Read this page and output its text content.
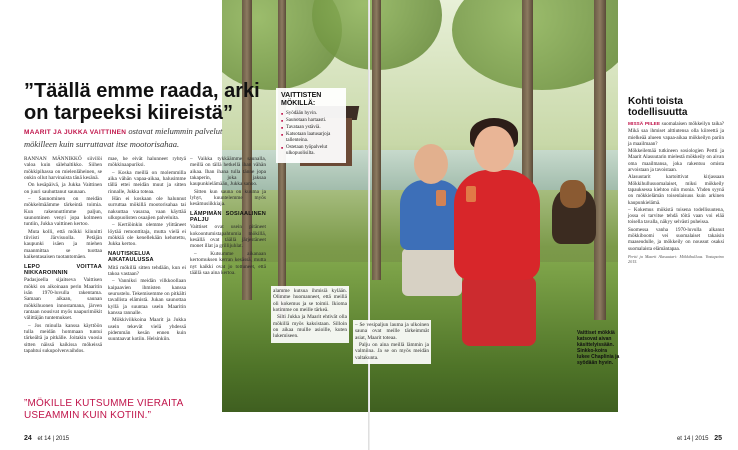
”Täällä emme raada, arki on tarpeeksi kiireistä”
MAARIT JA JUKKA VAITTINEN ostavat mielummin palvelut mökilleen kuin surruttavat itse mootorisahaa.

RANNAN MÄNNIKKÖ siivilöi valoa kuin sälehaltikko. Siihen mökkipihassa on mielenläheinen, se onkin ollut harvinaista tänä kesänä.

On kesäpäivä, ja Jukka Vaittinen on juuri sauhuttanut saunaan.

– Saunominen on meidän mökkelmäämme tärkeintä toimia. Kun rakennuttimme paljun, saunominen venyi jopa kolmeen tuntiin, Jukka vaittinen kertoo.

Muta kolli, että mökki kiinnitti tiiviisti Järvisuolla. Petäjän kaupunki isäen ja miehen maanmittaa se tuottaa kaikentasaisen tuotantomäen.

LEPO VOITTAA NIKKAROINNIN

Padasjoella sijaitseva Vaittisen mökki on aikoinaan perin Maaritin isän 1970-luvulla rakentama. Samaan aikaan, saunan mökkihuonen innostamana, järven rantaan nousivat myös naapurimökit välittäjän tuntemukset.

– Jos minulla kanssa käyttöön tulla meidän hommaan tuntui tärkeältä ja pitkälle. Joitakin vuosia sitten näissä kaikissa mökeissä tapahtui sukupolvenvaihdos.

mae, he eivät halunneet ryhtyä mökkinaapuriksi.

– Koska meillä on molemmilla aika vähän vapaa-aikaa, halusimme tällä ettei meidän muut ja sitten rinnalle, Jukka toteaa.

Hän ei koskaan ole halunnut surruttaa mökillä mootorisahaa tai naksuttaa vasaraa, vaan käyttää ulkopuolisten osaajien palveluita.

– Kertiöinkin olemme ylittäneet löytää remonttitaja, mutta vielä ei mökkiä ole kenellekään kehotettu, Jukka kertoo.

NAUTISKELUA AIKATAULUSSA

Mitä mökillä sitten tehdään, kun ei takoa vastaan?

– Vanniksi meidän vilkkoollaan kaipaavien ihmisten kanssa seurustelu. Tekemisemme on pitkälti tavallista elämistä. Jukan saunottaa kyllä ja suuntaa usein Maaritin kanssa rannalle.

Mökkiviikkoina Maarit ja Jukka usein tekevät vielä yhdessä pidemmän kesän ennen kuin suuntaavat kotiin. Helsinkiin.

– Vaikka tykkäämme saunalla, meillä on tällä hetkellä ihan vähän aikaa. Ihan ihana tulla tänne jopa takaperin, joka jaksaa kaupunkielämään, Jukka sanoo.

Sitten kun sauna on kuuma ja lyhyt, kuuntelemme myös kesämusiikkiaja.

LÄMPIMÄN SOSIAALINEN PALJU

Vaittiset ovat usein pitäneet kokoontumistapahtumia mökillä, kesällä ovat täällä järjestäneet monet illat ja grillijuhlat.

– Kutsumme aikanaan kertomuksen kerran kesässä, mutta nyt kaikki ovat jo tottuneet, että täällä saa aina kertoa.

alamme kutsua ihmisiä kylään. Olimme huomanneet, että meillä oli kokemus ja se toimii. Ikioma kotimme on meille tärkeä.

Silti Jukka ja Maarit ehtivät olla mökillä myös kaksistaan. Silloin on aikaa muille asioille, kuten lukemiseen.

– Se vesipaljun lauma ja ulkoinen sauna ovat meille tärkeimmät asiat, Maarit toteaa.

Palju on aina meillä lämmin ja valmiina. Ja se on myös meidän valtakunta.

”MÖKILLE KUTSUMME VIERAITA USEAMMIN KUIN KOTIIN.”
VAITTISTEN MÖKILLÄ:
■ Syödään hyvin.
■ Saunotaan hartaasti.
■ Tavataan ystäviä.
■ Katsotaan laatusarjoja tallenteina.
■ Ostetaan työpalvelut ulkopuolisilta.
Vaittiset mökkiä katsovat aivan käsittelyissään. Sinkko-koira lukee Chaplinia ja syödään hyvin.
Kohti toista todellisuutta

MISSÄ PIILEE suomalaisen mökkeilyn taika? Mikä saa ihmiset alttiutensa olla kiireettä ja mielkeää alueen vapaa-aikaa mökkeilyn pariin ja maailmaan?

Mökkeilemää tutkineen sosiologien Pertti ja Maarit Alasuutarin mielestä mökkeily on aivan oma maailmansa, joka rakentuu omista arvoistaan ja tavoistaan.

Alasuutarit kartoittivat kirjassaan Mökkihullusuomalaiset, miksi mökkeily tapauksessa kiehtoo niin monia. Yhden syynä on mökkielämän toisenlaisuus kuin arkinen kaupunkielämä.

– Kokemus mökistä toisena todellisuutena, jossa ei tarvitse tehdä töitä vaan voi elää toisella tavalla, näkyy selvästi puheissa.

Suomessa vanha 1970-luvulla alkanut mökkiboomi vei suomalaiset takaisin maaseudulle, ja mökkeily on noussut osaksi suomalaista elämäntapaa.

Pertti ja Maarit Alasuutari: Mökkihulluus. Vastapaino 2015.
24 et 14 | 2015	et 14 | 2015 25
